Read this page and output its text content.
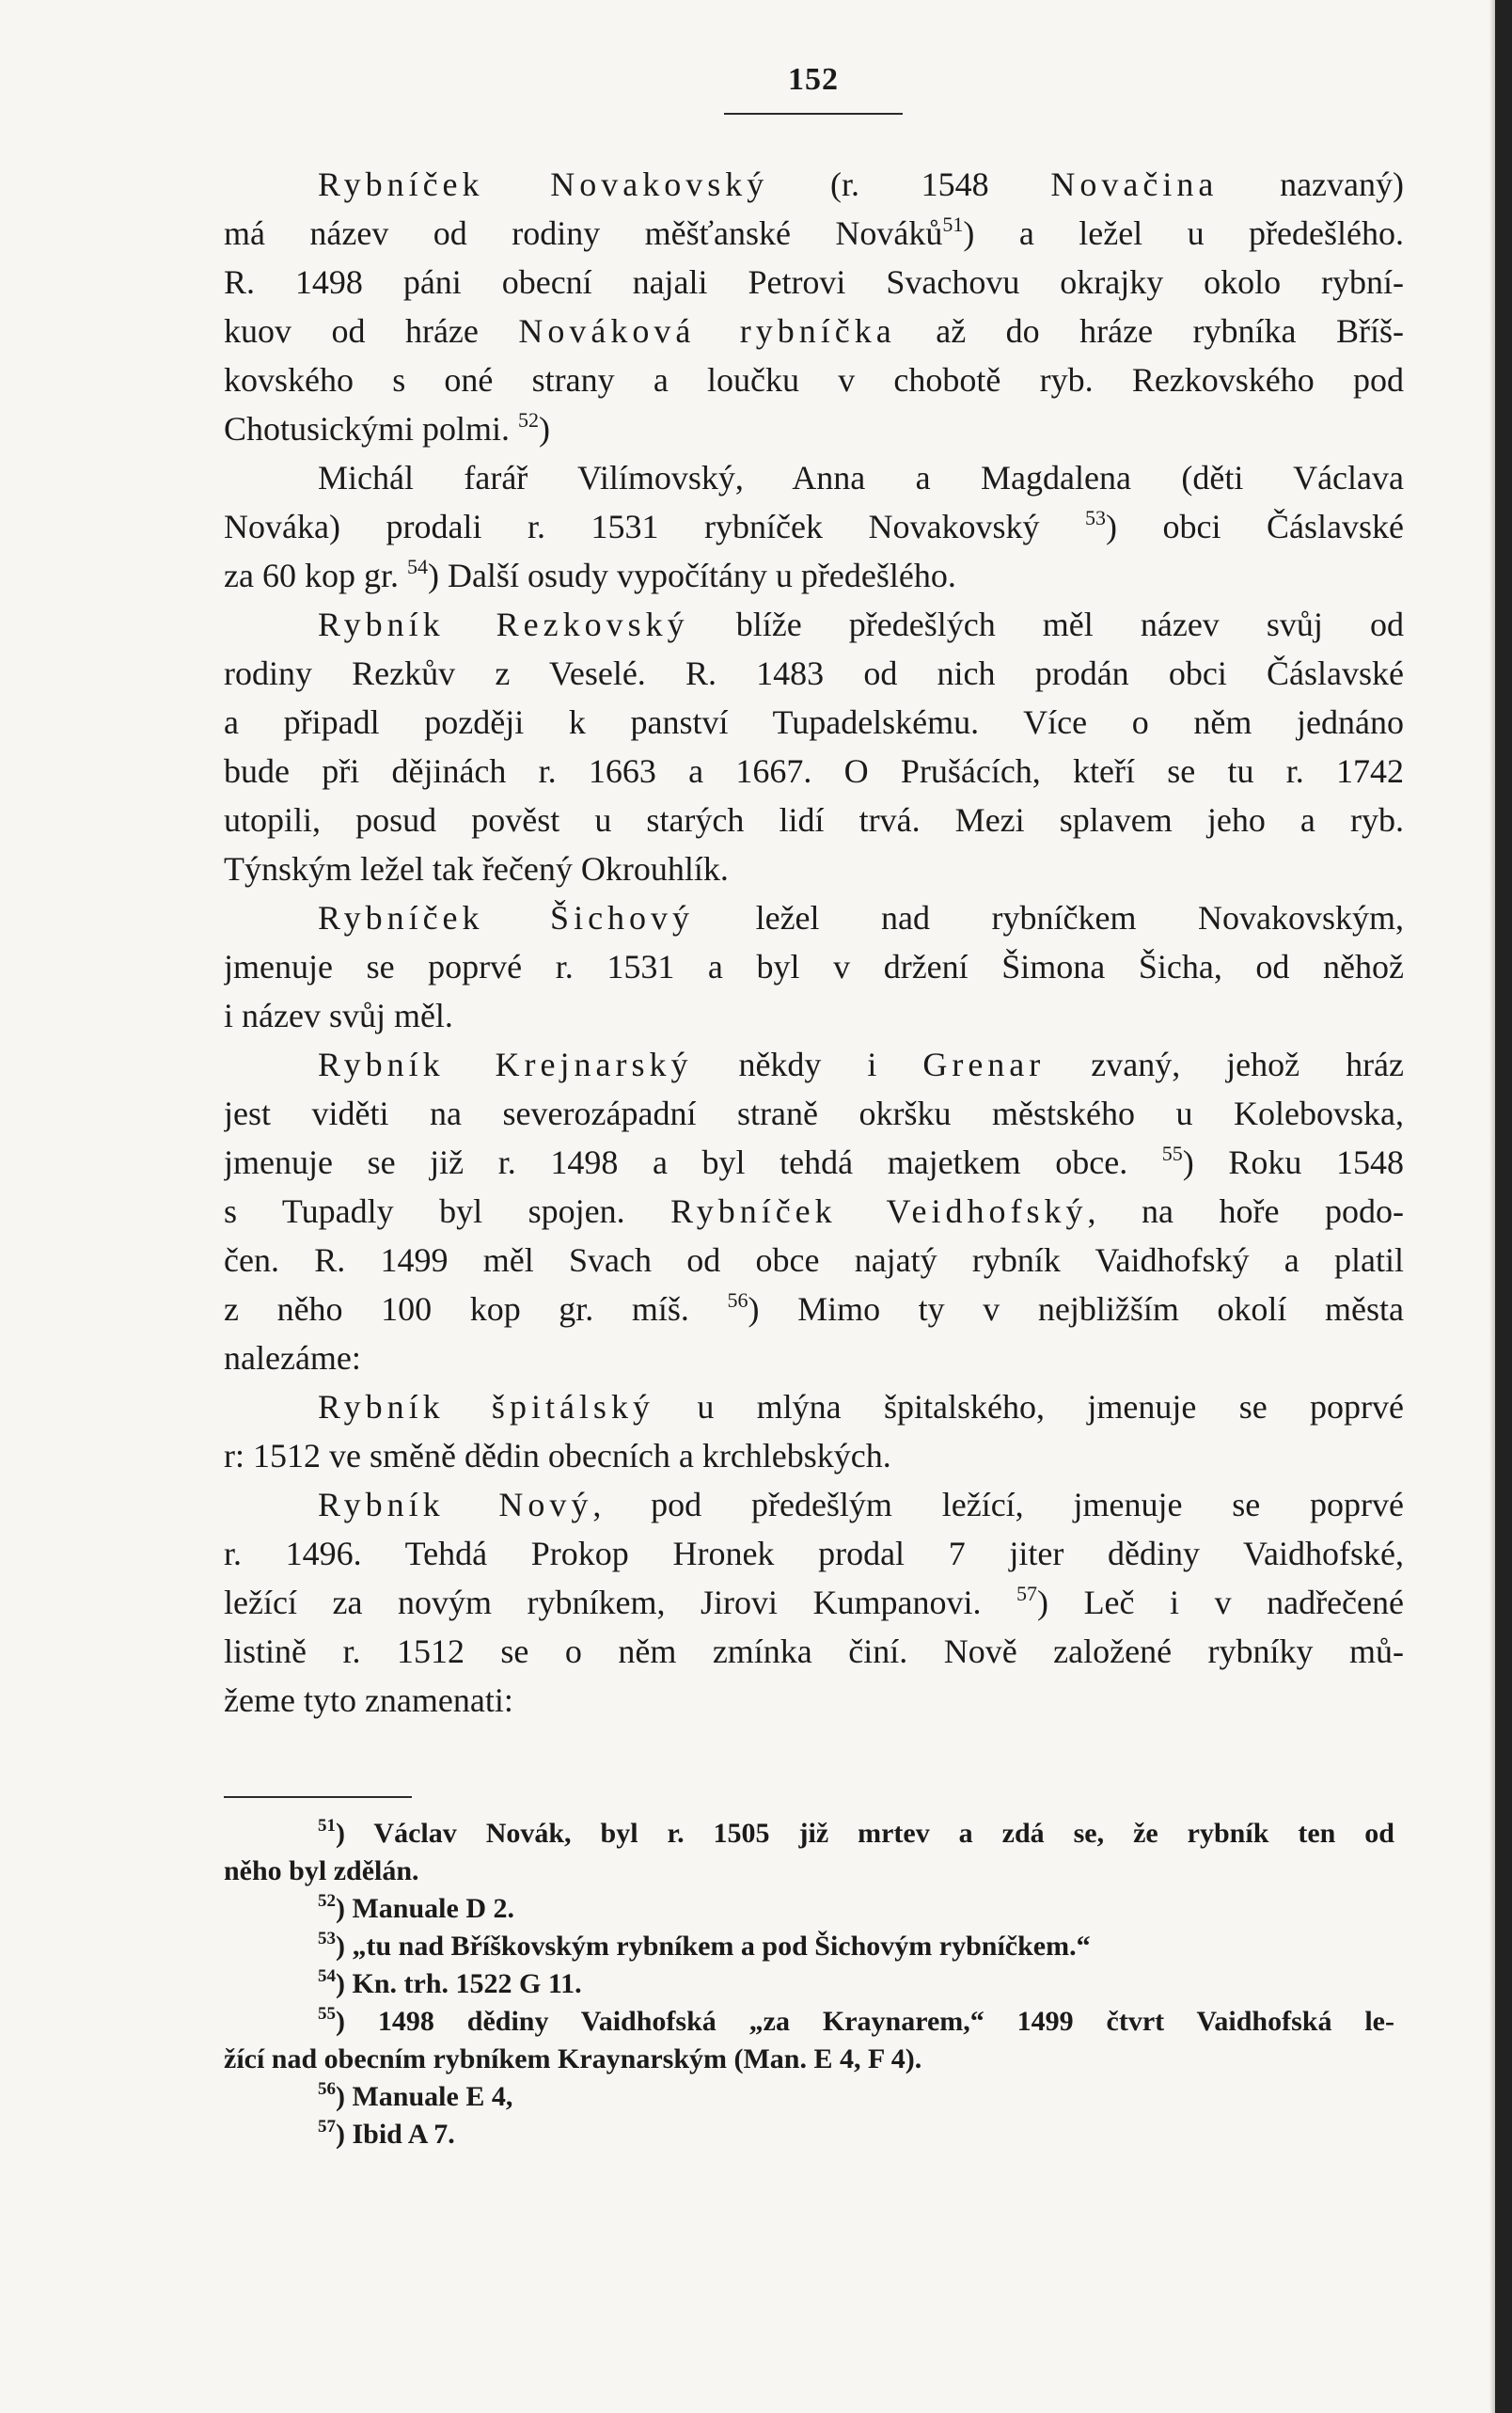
152
Rybníček Novakovský (r. 1548 Novačina nazvaný)
má název od rodiny měšťanské Nováků$^{51}$) a ležel u předešlého.
R. 1498 páni obecní najali Petrovi Svachovu okrajky okolo rybní-
kuov od hráze Nováková rybníčka až do hráze rybníka Bříš-
kovského s oné strany a loučku v chobotě ryb. Rezkovského pod
Chotusickými polmi. $^{52}$)
Michál farář Vilímovský, Anna a Magdalena (děti Václava
Nováka) prodali r. 1531 rybníček Novakovský $^{53}$) obci Čáslavské
za 60 kop gr. $^{54}$) Další osudy vypočítány u předešlého.
Rybník Rezkovský blíže předešlých měl název svůj od
rodiny Rezkův z Veselé. R. 1483 od nich prodán obci Čáslavské
a připadl později k panství Tupadelskému. Více o něm jednáno
bude při dějinách r. 1663 a 1667. O Prušácích, kteří se tu r. 1742
utopili, posud pověst u starých lidí trvá. Mezi splavem jeho a ryb.
Týnským ležel tak řečený Okrouhlík.
Rybníček Šichový ležel nad rybníčkem Novakovským,
jmenuje se poprvé r. 1531 a byl v držení Šimona Šicha, od něhož
i název svůj měl.
Rybník Krejnarský někdy i Grenar zvaný, jehož hráz
jest viděti na severozápadní straně okršku městského u Kolebovska,
jmenuje se již r. 1498 a byl tehdá majetkem obce. $^{55}$) Roku 1548
s Tupadly byl spojen. Rybníček Veidhofský, na hoře podo-
čen. R. 1499 měl Svach od obce najatý rybník Vaidhofský a platil
z něho 100 kop gr. míš. $^{56}$) Mimo ty v nejbližším okolí města
nalezáme:
Rybník špitálský u mlýna špitalského, jmenuje se poprvé
r: 1512 ve směně dědin obecních a krchlebských.
Rybník Nový, pod předešlým ležící, jmenuje se poprvé
r. 1496. Tehdá Prokop Hronek prodal 7 jiter dědiny Vaidhofské,
ležící za novým rybníkem, Jirovi Kumpanovi. $^{57}$) Leč i v nadřečené
listině r. 1512 se o něm zmínka činí. Nově založené rybníky mů-
žeme tyto znamenati:
$^{51}$) Václav Novák, byl r. 1505 již mrtev a zdá se, že rybník ten od
něho byl zdělán.
$^{52}$) Manuale D 2.
$^{53}$) „tu nad Bříškovským rybníkem a pod Šichovým rybníčkem.“
$^{54}$) Kn. trh. 1522 G 11.
$^{55}$) 1498 dědiny Vaidhofská „za Kraynarem,“ 1499 čtvrt Vaidhofská le-
žící nad obecním rybníkem Kraynarským (Man. E 4, F 4).
$^{56}$) Manuale E 4,
$^{57}$) Ibid A 7.
